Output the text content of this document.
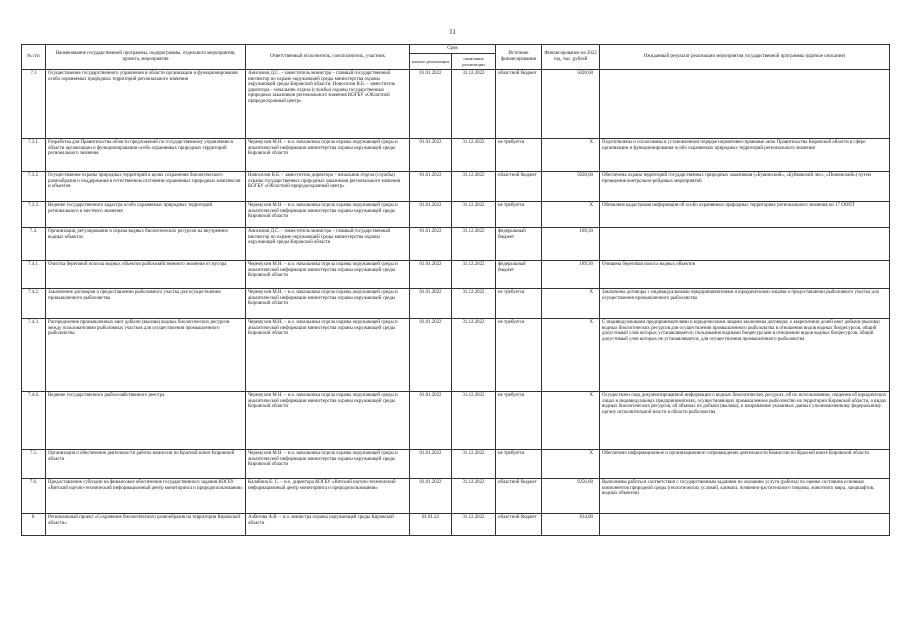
11
№ п/п	Наименование государственной программы, подпрограммы, отдельного мероприятия, проекта, мероприятия	Ответственный исполнитель, соисполнитель, участник	Срок		Источник финансирования	Финансирование на 2022 год, тыс. рублей	Ожидаемый результат реализации мероприятия государственной программы (краткое описание)
			начало реализации	окончание реализации			
7.3	Осуществление государственного управления в области организации и функционирования особо охраняемых природных территорий регионального значения	Анисимов Д.С. – заместитель министра – главный государственный инспектор по охране окружающей среды министерства охраны окружающей среды Кировской области; Новоселов В.Б. – заместитель директора – начальник отдела (службы) охраны государственных природных заказников регионального значения КОГБУ «Областной природоохранный центр»	01.01.2022	31.12.2022	областной бюджет	5028,60	
7.3.1.	Разработка для Правительства области предложений по государственному управлению в области организации и функционирования особо охраняемых природных территорий регионального значения	Черемухин М.Н. – и.о. начальника отдела охраны окружающей среды и аналитической информации министерства охраны окружающей среды Кировской области	01.01.2022	31.12.2022	не требуется	Х	Подготовлены и согласованы в установленном порядке нормативно-правовые акты Правительства Кировской области в сфере организации и функционирования особо охраняемых природных территорий регионального значения
7.3.2.	Осуществление охраны природных территорий в целях сохранения биологического разнообразия и поддержания в естественном состоянии охраняемых природных комплексов и объектов	Новоселов В.Б. – заместитель директора – начальник отдела (службы) охраны государственных природных заказников регионального значения КОГБУ «Областной природоохранный центр»	01.01.2022	31.12.2022	областной бюджет	5028,60	Обеспечена охрана территорий государственных природных заказников («Бушинский», «Буйковский лес», «Пижемский») путем проведения контрольно-рейдовых мероприятий
7.3.3.	Ведение государственного кадастра особо охраняемых природных территорий регионального и местного значения	Черемухин М.Н. – и.о. начальника отдела охраны окружающей среды и аналитической информации министерства охраны окружающей среды Кировской области	01.01.2022	31.12.2022	не требуется	Х	Обновлена кадастровая информация об особо охраняемых природных территориях регионального значения по 17 ООПТ
7.4.	Организация, регулирование и охрана водных биологических ресурсов на внутренних водных объектах	Анисимов Д.С. – заместитель министра – главный государственный инспектор по охране окружающей среды министерства охраны окружающей среды Кировской области	01.01.2022	31.12.2022	федеральный бюджет	189,30	
7.4.1.	Очистка береговой полосы водных объектов рыбохозяйственного значения от мусора	Черемухин М.Н. – и.о. начальника отдела охраны окружающей среды и аналитической информации министерства охраны окружающей среды Кировской области	01.01.2022	31.12.2022	федеральный бюджет	189,30	Очищена береговая полоса водных объектов
7.4.2.	Заключение договоров о предоставлении рыболовного участка для осуществления промышленного рыболовства	Черемухин М.Н. – и.о. начальника отдела охраны окружающей среды и аналитической информации министерства охраны окружающей среды Кировской области	01.01.2022	31.12.2022	не требуется	Х	Заключены договоры с индивидуальными предпринимателями и юридическими лицами о предоставлении рыболовного участка для осуществления промышленного рыболовства
7.4.3.	Распределение промышленных квот добычи (вылова) водных биологических ресурсов между пользователями рыболовных участков для осуществления промышленного рыболовства	Черемухин М.Н. – и.о. начальника отдела охраны окружающей среды и аналитической информации министерства охраны окружающей среды Кировской области	01.01.2022	31.12.2022	не требуется	Х	С индивидуальными предпринимателями и юридическими лицами заключены договоры: о закреплении долей квот добычи (вылова) водных биологических ресурсов для осуществления промышленного рыболовства в отношении видов водных биоресурсов, общий допустимый улов которых устанавливается; пользования водными биоресурсами в отношении видов водных биоресурсов, общий допустимый улов которых не устанавливается, для осуществления промышленного рыболовства
7.4.4.	Ведение государственного рыбохозяйственного реестра	Черемухин М.Н. – и.о. начальника отдела охраны окружающей среды и аналитической информации министерства охраны окружающей среды Кировской области	01.01.2022	31.12.2022	не требуется	Х	Осуществлен свод документированной информации о водных биологических ресурсах, об их использовании, сведения об юридических лицах и индивидуальных предпринимателях, осуществляющих промышленное рыболовство на территории Кировской области, о видах водных биологических ресурсов, об объемах их добычи (вылова), и направление указанных данных уполномоченному федеральному органу исполнительной власти в области рыболовства
7.5.	Организация и обеспечение деятельности работы комиссии по Красной книге Кировской области	Черемухин М.Н. – и.о. начальника отдела охраны окружающей среды и аналитической информации министерства охраны окружающей среды Кировской области	01.01.2022	31.12.2022	не требуется	Х	Обеспечено информационное и организационное сопровождение деятельности Комиссии по Красной книге Кировской области
7.6.	Предоставление субсидии на финансовое обеспечение государственного задания КОГБУ «Вятский научно-технический информационный центр мониторинга и природопользования»	Калабина Е. С. – и.о. директора КОГБУ «Вятский научно-технический информационный центр мониторинга и природопользования»	01.01.2022	31.12.2022	областной бюджет	9256,60	Выполнены работы в соответствии с государственным заданием по оказанию услуги (работы) по оценке состояния основных компонентов природной среды (геологических условий, климата, почвенно-растительного покрова, животного мира, ландшафтов, водных объектов)
8.	Региональный проект «Сохранение биологического разнообразия на территории Кировской области»	Албегова А.В. – и.о. министра охраны окружающей среды Кировской области	01.01.22	31.12.2022	областной бюджет	834,00	
